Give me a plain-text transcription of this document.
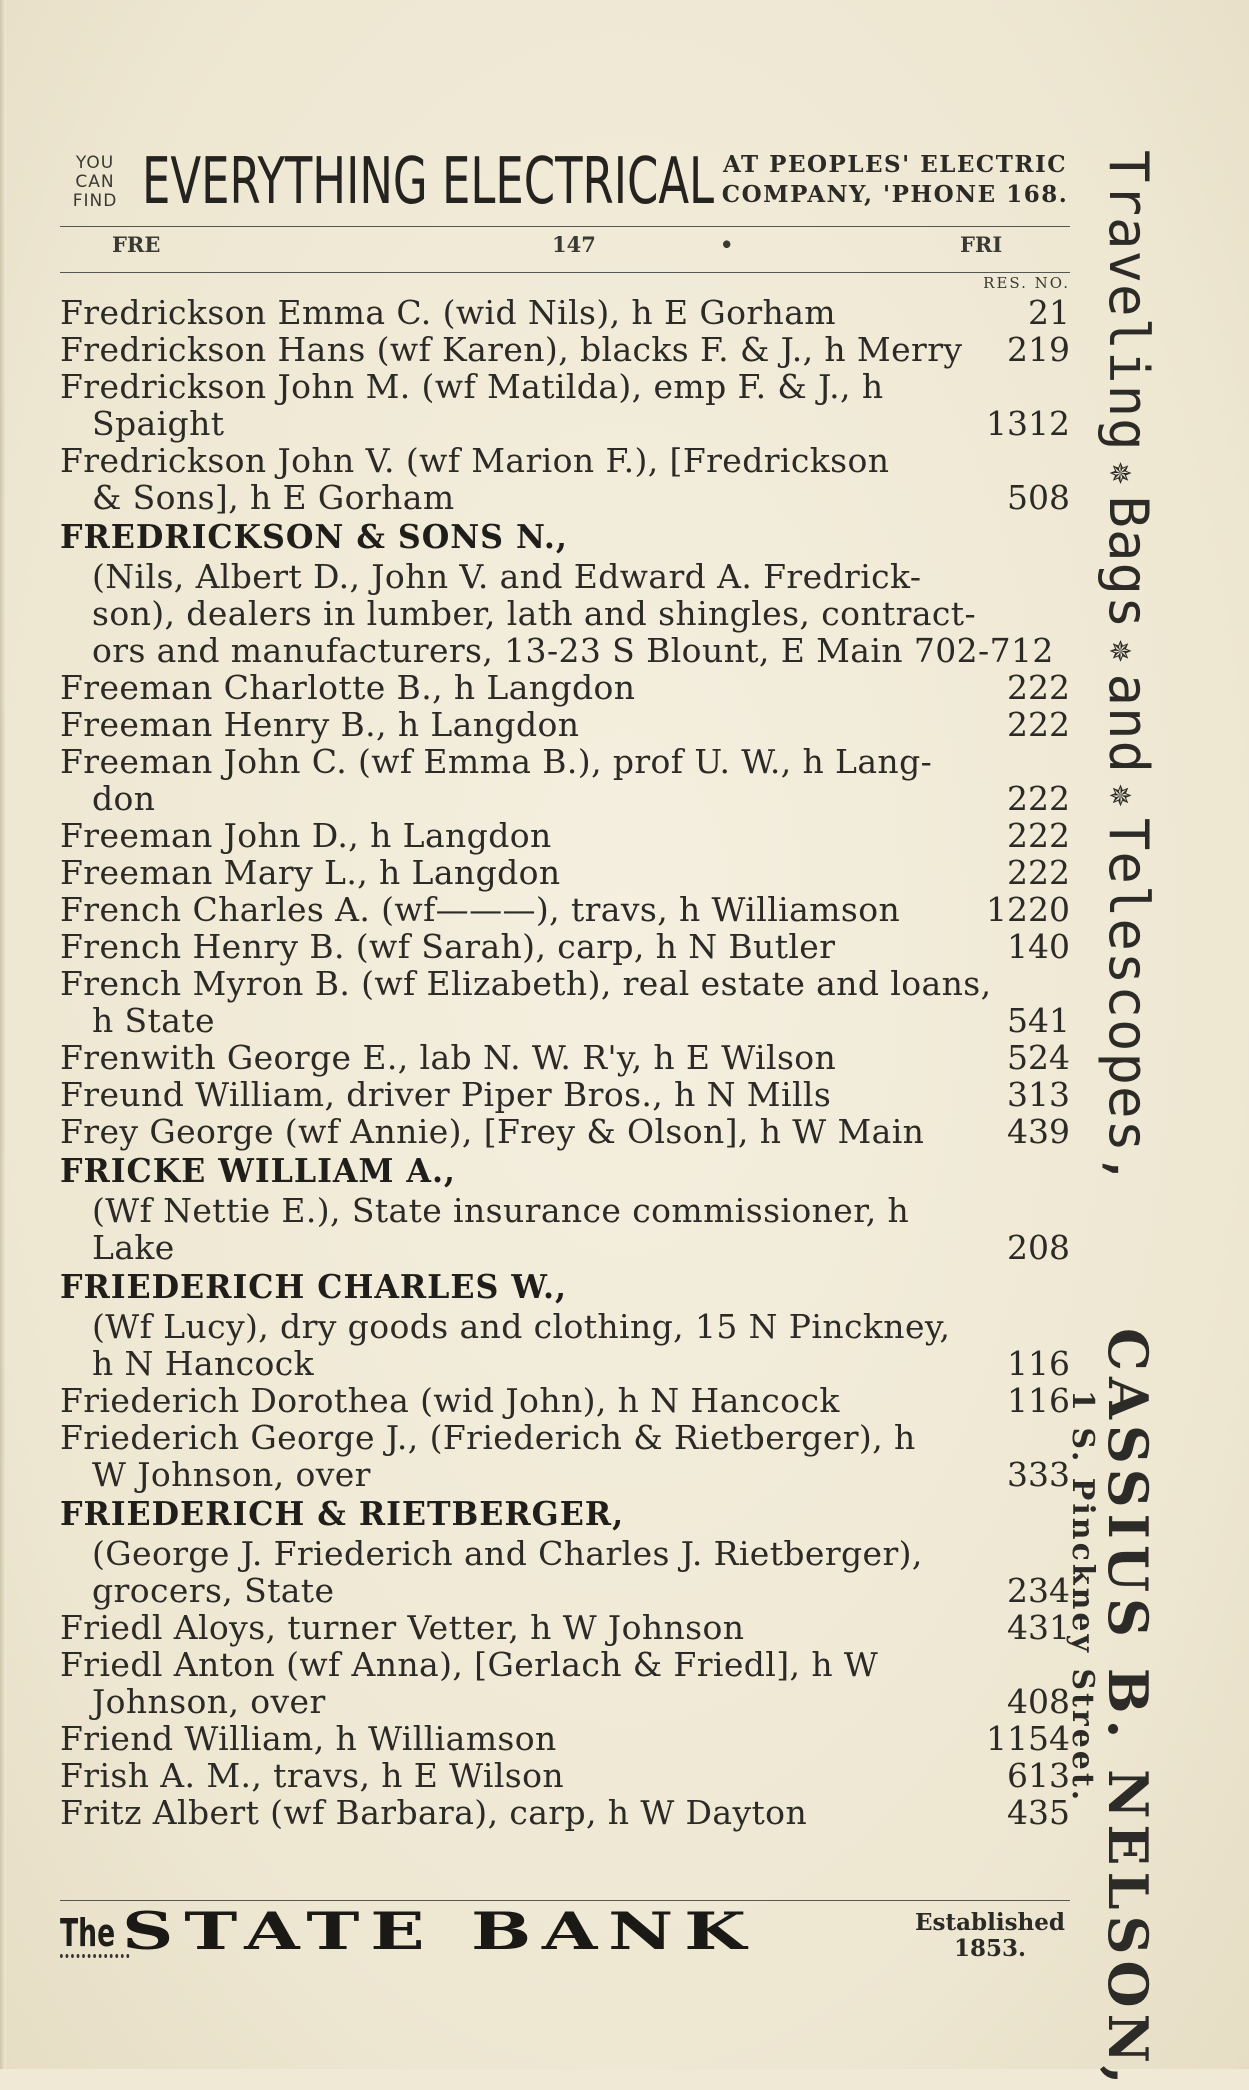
YOU
CAN
FIND EVERYTHING ELECTRICAL AT PEOPLES' ELECTRIC
COMPANY, 'PHONE 168.
FRE	147	•	FRI
RES. NO.
Fredrickson Emma C. (wid Nils), h E Gorham	21
Fredrickson Hans (wf Karen), blacks F. & J., h Merry 219
Fredrickson John M. (wf Matilda), emp F. & J., h
Spaight	1312
Fredrickson John V. (wf Marion F.), [Fredrickson
& Sons], h E Gorham	508
FREDRICKSON & SONS N.,
(Nils, Albert D., John V. and Edward A. Fredrick-
son), dealers in lumber, lath and shingles, contract-
ors and manufacturers, 13-23 S Blount, E Main 702-712
Freeman Charlotte B., h Langdon	222
Freeman Henry B., h Langdon	222
Freeman John C. (wf Emma B.), prof U. W., h Lang-
don	222
Freeman John D., h Langdon	222
Freeman Mary L., h Langdon	222
French Charles A. (wf———), travs, h Williamson	1220
French Henry B. (wf Sarah), carp, h N Butler	140
French Myron B. (wf Elizabeth), real estate and loans,
h State	541
Frenwith George E., lab N. W. R'y, h E Wilson	524
Freund William, driver Piper Bros., h N Mills	313
Frey George (wf Annie), [Frey & Olson], h W Main	439
FRICKE WILLIAM A.,
(Wf Nettie E.), State insurance commissioner, h
Lake	208
FRIEDERICH CHARLES W.,
(Wf Lucy), dry goods and clothing, 15 N Pinckney,
h N Hancock	116
Friederich Dorothea (wid John), h N Hancock	116
Friederich George J., (Friederich & Rietberger), h
W Johnson, over	333
FRIEDERICH & RIETBERGER,
(George J. Friederich and Charles J. Rietberger),
grocers, State	234
Friedl Aloys, turner Vetter, h W Johnson	431
Friedl Anton (wf Anna), [Gerlach & Friedl], h W
Johnson, over	408
Friend William, h Williamson	1154
Frish A. M., travs, h E Wilson	613
Fritz Albert (wf Barbara), carp, h W Dayton	435
The STATE BANK	Established
1853.
Traveling✵Bags✵and✵Telescopes,
CASSIUS B. NELSON,
1 S. Pinckney Street.
